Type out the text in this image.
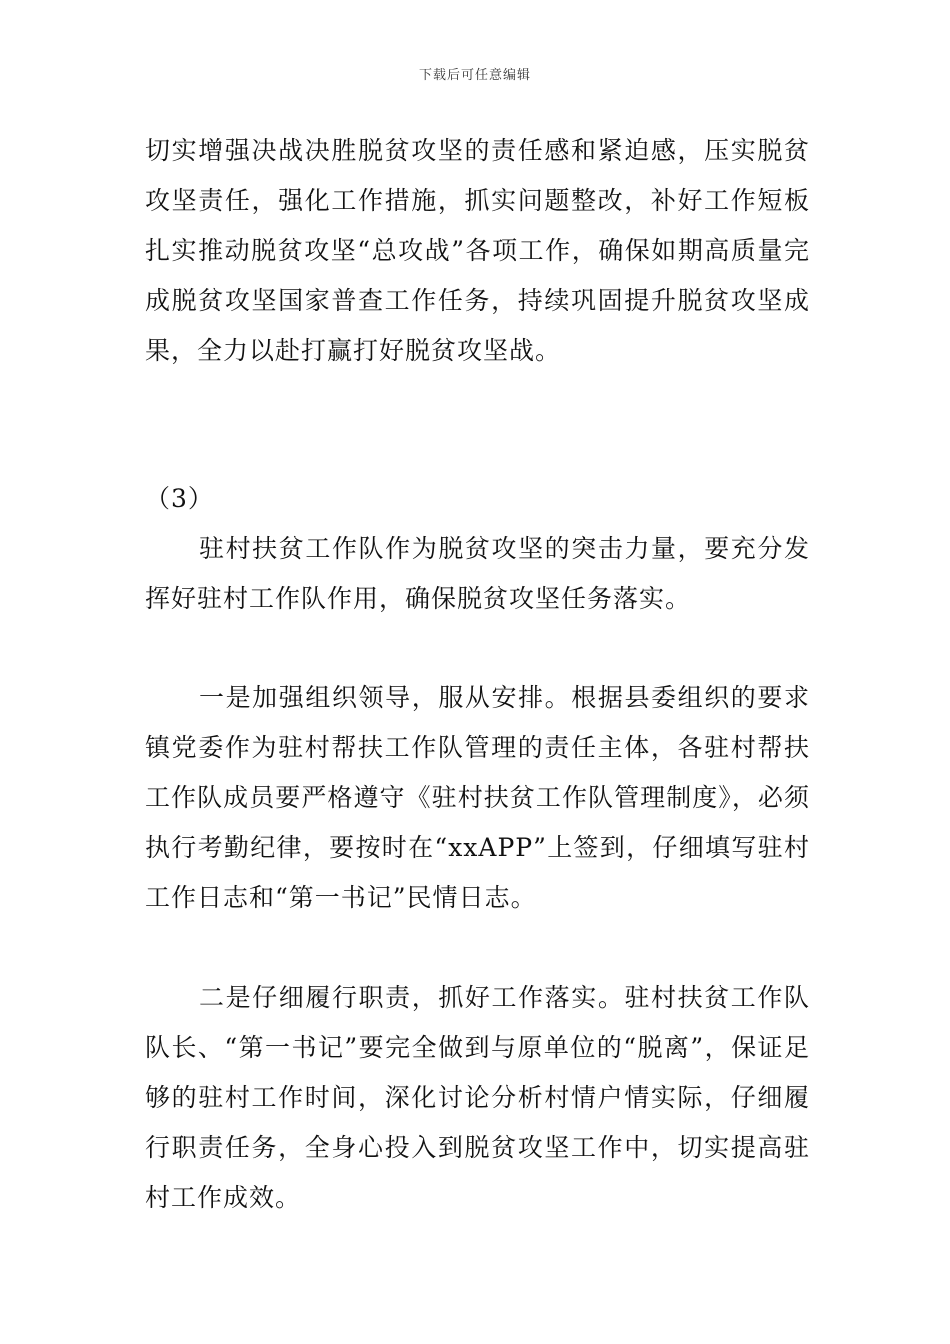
下载后可任意编辑

切实增强决战决胜脱贫攻坚的责任感和紧迫感，压实脱贫攻坚责任，强化工作措施，抓实问题整改，补好工作短板扎实推动脱贫攻坚“总攻战”各项工作，确保如期高质量完成脱贫攻坚国家普查工作任务，持续巩固提升脱贫攻坚成果，全力以赴打赢打好脱贫攻坚战。

（3）

驻村扶贫工作队作为脱贫攻坚的突击力量，要充分发挥好驻村工作队作用，确保脱贫攻坚任务落实。

一是加强组织领导，服从安排。根据县委组织的要求镇党委作为驻村帮扶工作队管理的责任主体，各驻村帮扶工作队成员要严格遵守《驻村扶贫工作队管理制度》，必须执行考勤纪律，要按时在“xxAPP”上签到，仔细填写驻村工作日志和“第一书记”民情日志。

二是仔细履行职责，抓好工作落实。驻村扶贫工作队队长、“第一书记”要完全做到与原单位的“脱离”，保证足够的驻村工作时间，深化讨论分析村情户情实际，仔细履行职责任务，全身心投入到脱贫攻坚工作中，切实提高驻村工作成效。
